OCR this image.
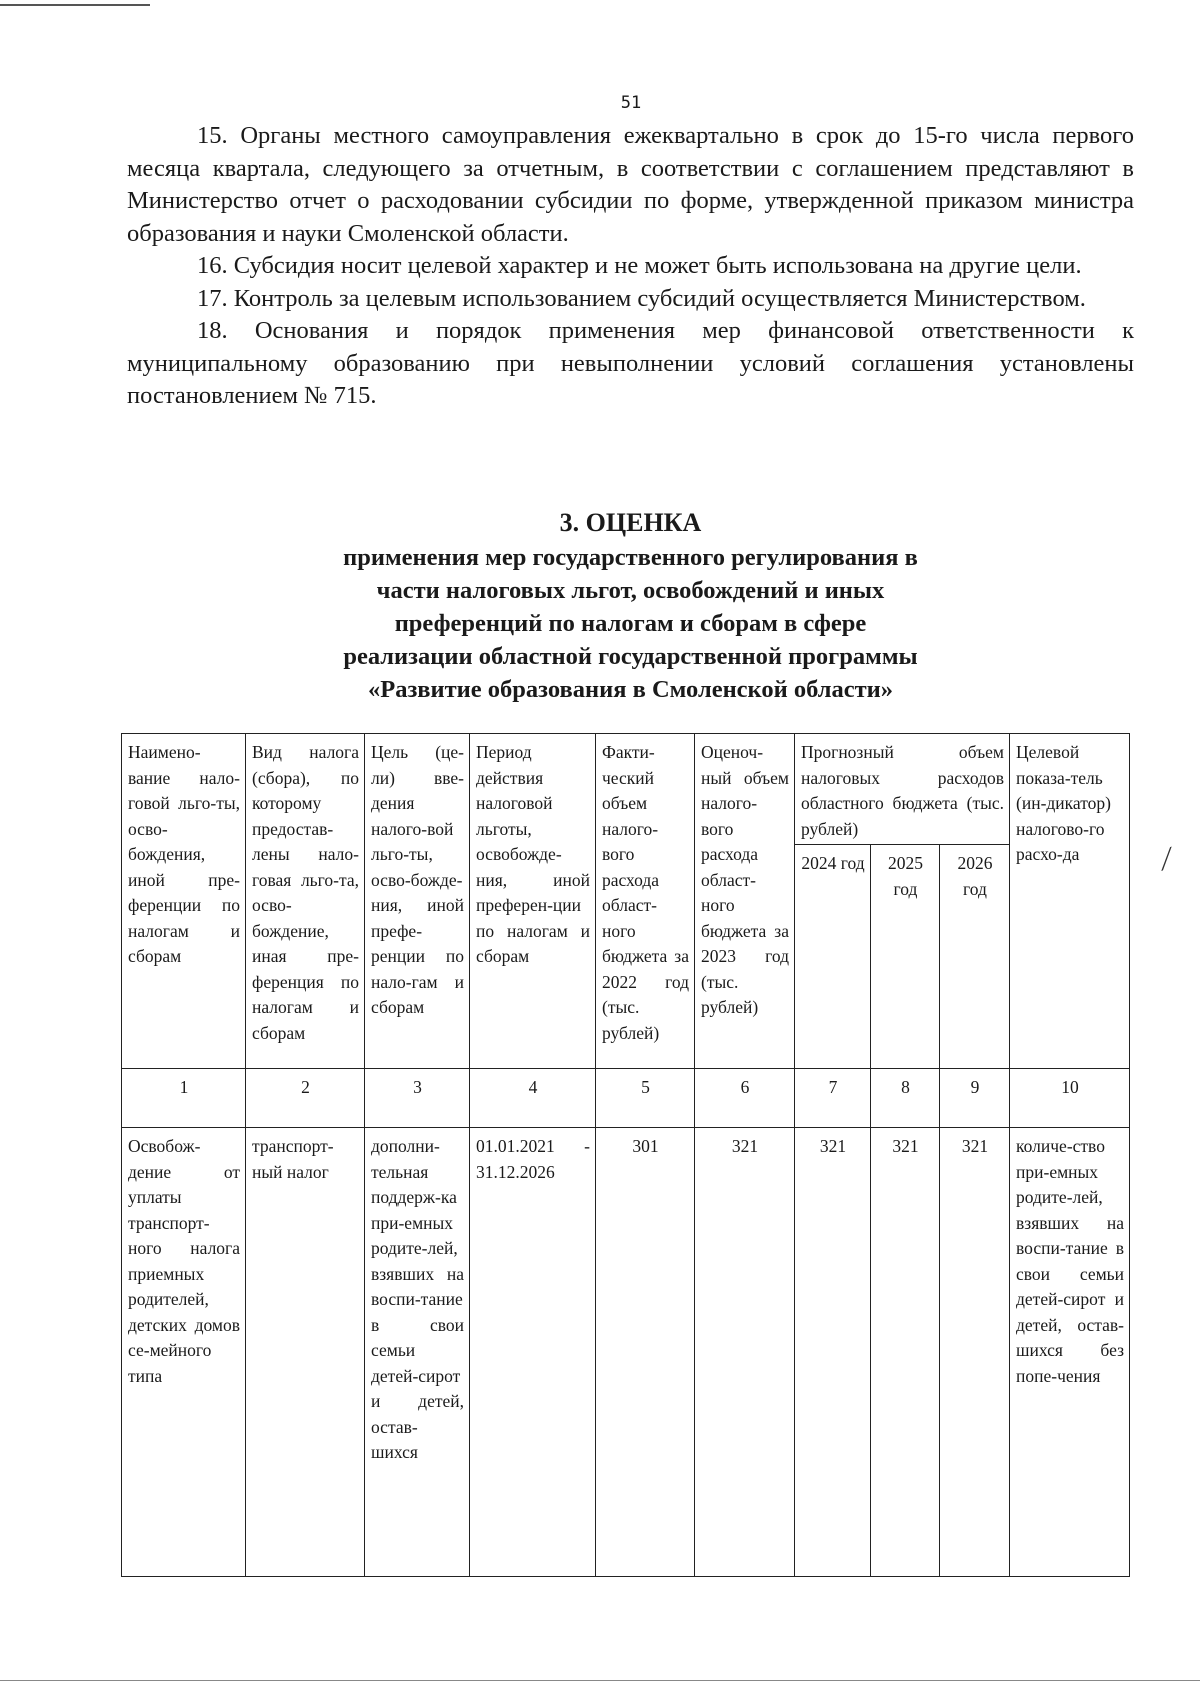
⟋
51

15. Органы местного самоуправления ежеквартально в срок до 15-го числа первого месяца квартала, следующего за отчетным, в соответствии с соглашением представляют в Министерство отчет о расходовании субсидии по форме, утвержденной приказом министра образования и науки Смоленской области.

16. Субсидия носит целевой характер и не может быть использована на другие цели.

17. Контроль за целевым использованием субсидий осуществляется Министерством.

18. Основания и порядок применения мер финансовой ответственности к муниципальному образованию при невыполнении условий соглашения установлены постановлением № 715.

3. ОЦЕНКА
применения мер государственного регулирования в
части налоговых льгот, освобождений и иных
преференций по налогам и сборам в сфере
реализации областной государственной программы
«Развитие образования в Смоленской области»
Наимено-вание нало-говой льго-ты, осво-бождения, иной пре-ференции по налогам и сборам	Вид налога (сбора), по которому предостав-лены нало-говая льго-та, осво-бождение, иная пре-ференция по налогам и сборам	Цель (це-ли) вве-дения налого-вой льго-ты, осво-божде-ния, иной префе-ренции по нало-гам и сборам	Период действия налоговой льготы, освобожде-ния, иной преферен-ции по налогам и сборам	Факти-ческий объем налого-вого расхода област-ного бюджета за 2022 год (тыс. рублей)	Оценоч-ный объем налого-вого расхода област-ного бюджета за 2023 год (тыс. рублей)	Прогнозный объем налоговых расходов областного бюджета (тыс. рублей)			Целевой показа-тель (ин-дикатор) налогово-го расхо-да

						2024 год	2025 год	2026 год	
1	2	3	4	5	6	7	8	9	10

Освобож-дение от уплаты транспорт-ного налога приемных родителей, детских домов се-мейного типа	транспорт-ный налог	дополни-тельная поддерж-ка при-емных родите-лей, взявших на воспи-тание в свои семьи детей-сирот и детей, остав-шихся	01.01.2021 - 31.12.2026	301	321	321	321	321	количе-ство при-емных родите-лей, взявших на воспи-тание в свои семьи детей-сирот и детей, остав-шихся без попе-чения
